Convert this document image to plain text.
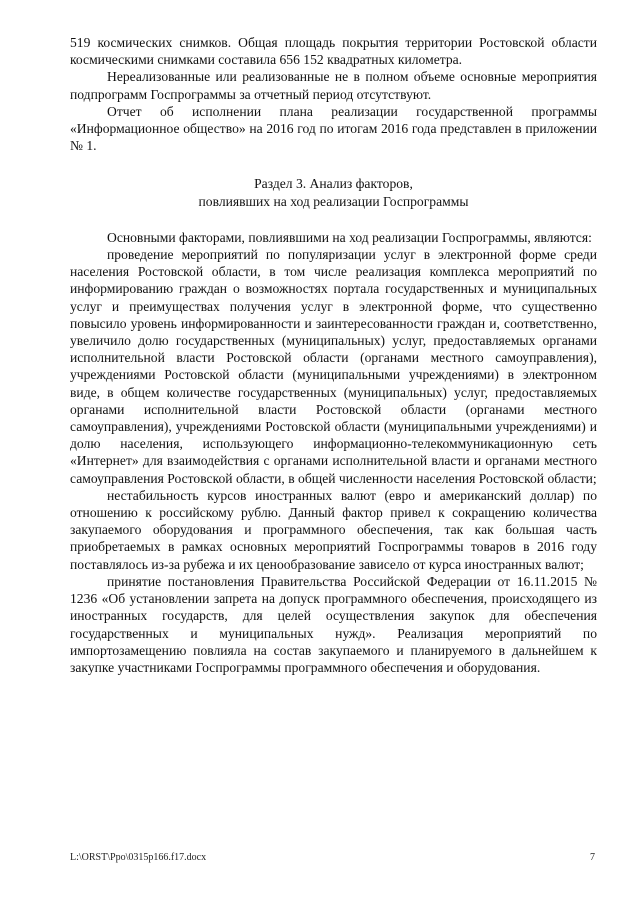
519 космических снимков. Общая площадь покрытия территории Ростовской области космическими снимками составила 656 152 квадратных километра.

Нереализованные или реализованные не в полном объеме основные мероприятия подпрограмм Госпрограммы за отчетный период отсутствуют.

Отчет об исполнении плана реализации государственной программы «Информационное общество» на 2016 год по итогам 2016 года представлен в приложении № 1.

Раздел 3. Анализ факторов,
повлиявших на ход реализации Госпрограммы

Основными факторами, повлиявшими на ход реализации Госпрограммы, являются:

проведение мероприятий по популяризации услуг в электронной форме среди населения Ростовской области, в том числе реализация комплекса мероприятий по информированию граждан о возможностях портала государственных и муниципальных услуг и преимуществах получения услуг в электронной форме, что существенно повысило уровень информированности и заинтересованности граждан и, соответственно, увеличило долю государственных (муниципальных) услуг, предоставляемых органами исполнительной власти Ростовской области (органами местного самоуправления), учреждениями Ростовской области (муниципальными учреждениями) в электронном виде, в общем количестве государственных (муниципальных) услуг, предоставляемых органами исполнительной власти Ростовской области (органами местного самоуправления), учреждениями Ростовской области (муниципальными учреждениями) и долю населения, использующего информационно-телекоммуникационную сеть «Интернет» для взаимодействия с органами исполнительной власти и органами местного самоуправления Ростовской области, в общей численности населения Ростовской области;

нестабильность курсов иностранных валют (евро и американский доллар) по отношению к российскому рублю. Данный фактор привел к сокращению количества закупаемого оборудования и программного обеспечения, так как большая часть приобретаемых в рамках основных мероприятий Госпрограммы товаров в 2016 году поставлялось из-за рубежа и их ценообразование зависело от курса иностранных валют;

принятие постановления Правительства Российской Федерации от 16.11.2015 № 1236 «Об установлении запрета на допуск программного обеспечения, происходящего из иностранных государств, для целей осуществления закупок для обеспечения государственных и муниципальных нужд». Реализация мероприятий по импортозамещению повлияла на состав закупаемого и планируемого в дальнейшем к закупке участниками Госпрограммы программного обеспечения и оборудования.

L:\ORST\Ppo\0315p166.f17.docx	7
